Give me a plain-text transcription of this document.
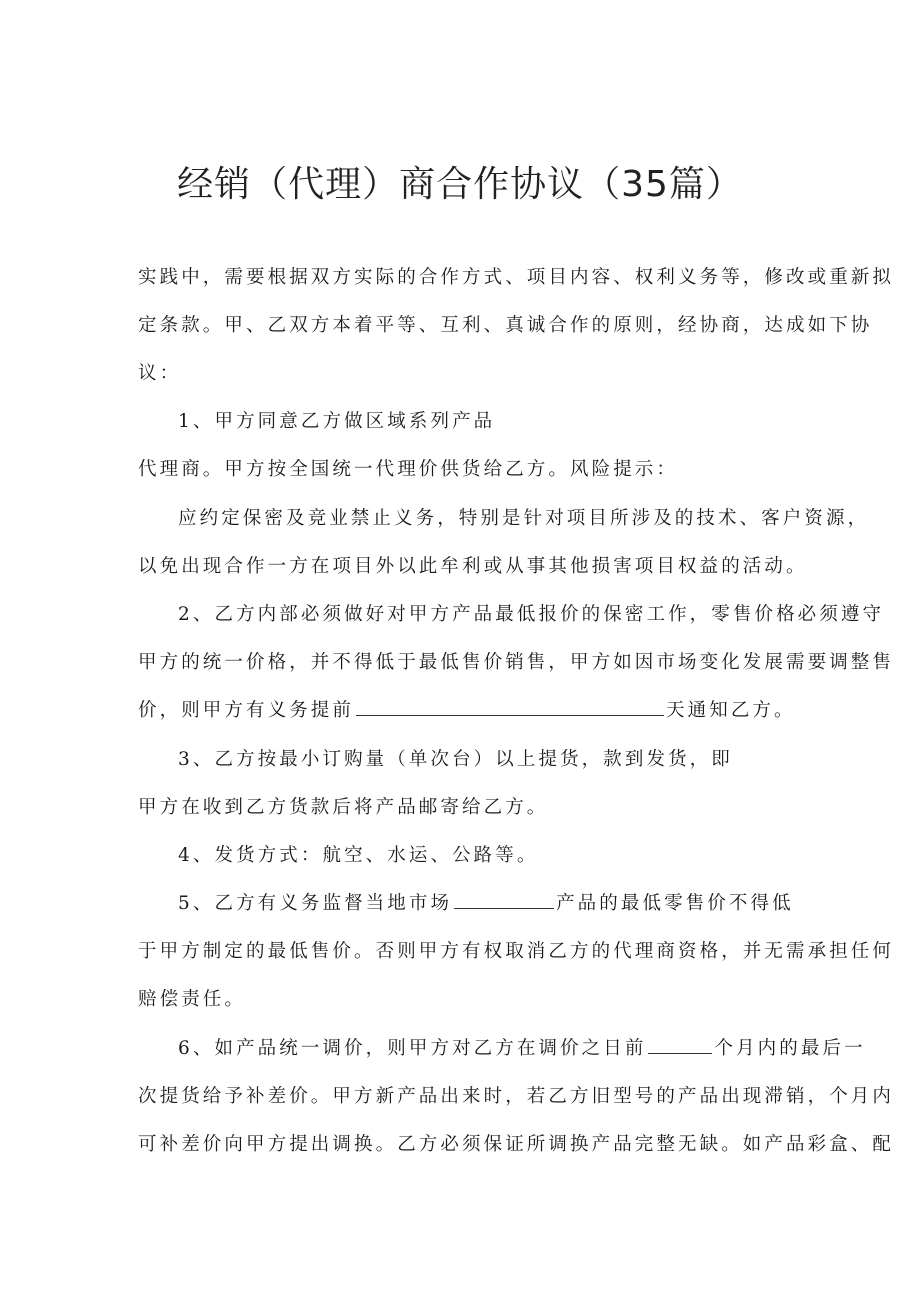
经销（代理）商合作协议（35篇）
实践中，需要根据双方实际的合作方式、项目内容、权利义务等，修改或重新拟
定条款。甲、乙双方本着平等、互利、真诚合作的原则，经协商，达成如下协
议：
1、甲方同意乙方做区域系列产品
代理商。甲方按全国统一代理价供货给乙方。风险提示：
应约定保密及竞业禁止义务，特别是针对项目所涉及的技术、客户资源，
以免出现合作一方在项目外以此牟利或从事其他损害项目权益的活动。
2、乙方内部必须做好对甲方产品最低报价的保密工作，零售价格必须遵守
甲方的统一价格，并不得低于最低售价销售，甲方如因市场变化发展需要调整售
价，则甲方有义务提前	天通知乙方。
3、乙方按最小订购量（单次台）以上提货，款到发货，即
甲方在收到乙方货款后将产品邮寄给乙方。
4、发货方式：航空、水运、公路等。
5、乙方有义务监督当地市场	产品的最低零售价不得低
于甲方制定的最低售价。否则甲方有权取消乙方的代理商资格，并无需承担任何
赔偿责任。
6、如产品统一调价，则甲方对乙方在调价之日前	个月内的最后一
次提货给予补差价。甲方新产品出来时，若乙方旧型号的产品出现滞销，个月内
可补差价向甲方提出调换。乙方必须保证所调换产品完整无缺。如产品彩盒、配
